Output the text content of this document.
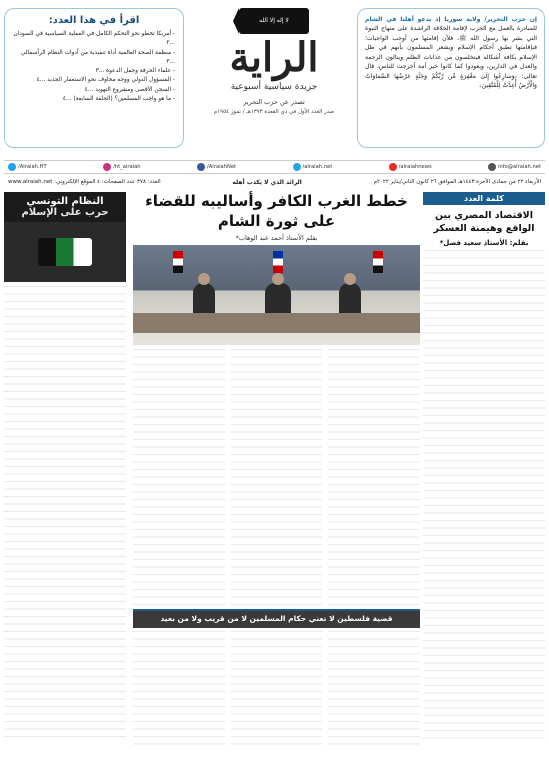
إن حزب التحرير/ ولاية سوريا إذ يدعو أهلنا في الشام للمبادرة بالعمل مع الحزب لإقامة الخلافة الراشدة على منهاج النبوة التي بشر بها رسول الله ﷺ، فلأن إقامتها من أوجب الواجبات؛ فبإقامتها تطبق أحكام الإسلام ويشعر المسلمون بأنهم في ظل الإسلام بكافة أشكاله فيتخلصون من عذابات الظلم وينالون الرحمة والعدل في الدارين، ويعودوا كما كانوا خير أمة أخرجت للناس، قال تعالى: ﴿وَسَارِعُوا إِلَىٰ مَغْفِرَةٍ مِّن رَّبِّكُمْ وَجَنَّةٍ عَرْضُهَا السَّمَاوَاتُ وَالْأَرْضُ أُعِدَّتْ لِلْمُتَّقِينَ﴾
لا إله إلا الله
الراية
جريدة سياسية أسبوعية
تصدر عن حزب التحرير
صدر العدد الأول في ذي القعدة ١٣٧٣هـ / تموز ١٩٥٤م
اقرأ في هذا العدد:
- أمريكا تخطو نحو التحكم الكامل في العملية السياسية في السودان ...٢
- منظمة الصحة العالمية أداة تنفيذية من أدوات النظام الرأسمالي ...٣
- علماء الحرفة وجمل الدعوة ...٣
- المسؤول الدولي ووجه مخاوف نحو الاستعمار الجديد ...٤
- السجن الأقصى ومشروع التهويد ...٤
- ما هو واجب المسلمين؟ (الحلقة السابعة) ...٤
/Alraiah.HT	/ht_alraiah	/AlraiahNet	/alraiah.net	/alraiahnews	info@alraiah.net
الأربعاء ٢٢ من جمادى الآخرة ١٤٤٣هـ الموافق ٢٦ كانون الثاني/يناير ٢٠٢٢م
الرائد الذي لا يكذب أهله
العدد: ٣٧٨ عدد الصفحات: ٤ الموقع الإلكتروني: www.alraiah.net
كلمة العدد
الاقتصاد المصري بين الواقع وهيمنة العسكر
بقلم: الأستاذ سعيد فضل*
خطط الغرب الكافر وأساليبه للقضاء على ثورة الشام
بقلم الأستاذ أحمد عبد الوهاب*
قضية فلسطين لا تعني حكام المسلمين لا من قريب ولا من بعيد
النظام التونسي
حرب على الإسلام
